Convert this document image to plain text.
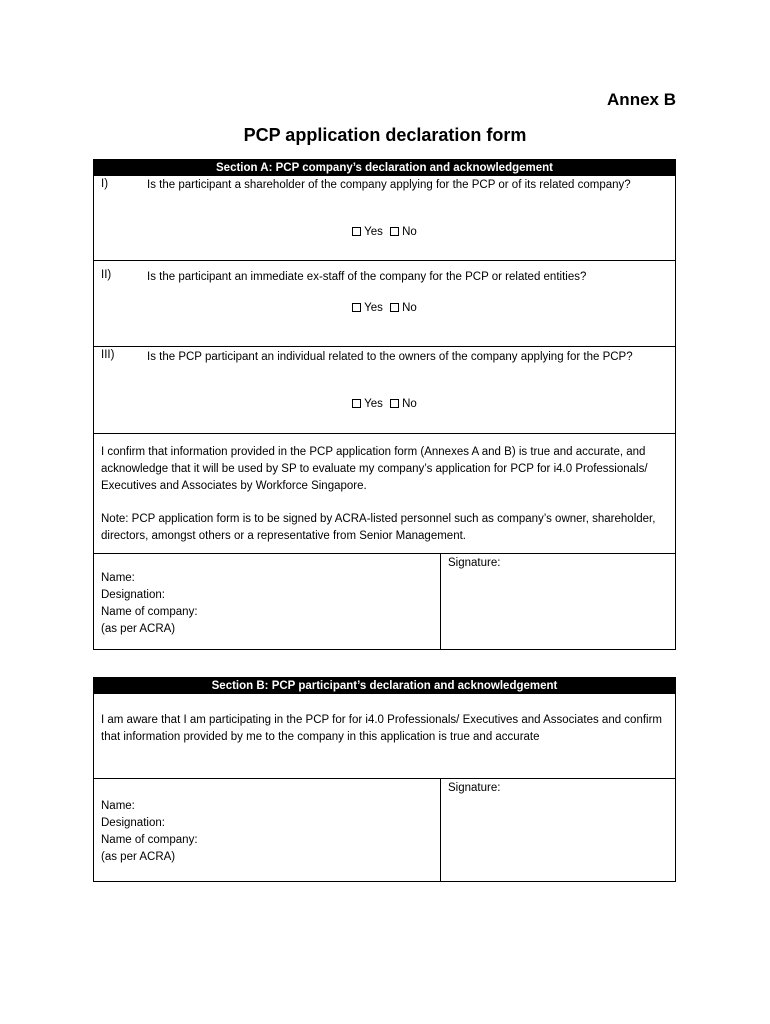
Annex B
PCP application declaration form
Section A: PCP company’s declaration and acknowledgement
I)	Is the participant a shareholder of the company applying for the PCP or of its related company?
Yes No
II)	Is the participant an immediate ex-staff of the company for the PCP or related entities?
Yes No
III)	Is the PCP participant an individual related to the owners of the company applying for the PCP?
Yes No
I confirm that information provided in the PCP application form (Annexes A and B) is true and accurate, and acknowledge that it will be used by SP to evaluate my company’s application for PCP for i4.0 Professionals/ Executives and Associates by Workforce Singapore.
Note: PCP application form is to be signed by ACRA-listed personnel such as company’s owner, shareholder, directors, amongst others or a representative from Senior Management.
Name:
Designation:
Name of company:
(as per ACRA)
Signature:
Section B: PCP participant’s declaration and acknowledgement
I am aware that I am participating in the PCP for for i4.0 Professionals/ Executives and Associates and confirm that information provided by me to the company in this application is true and accurate
Name:
Designation:
Name of company:
(as per ACRA)
Signature:
